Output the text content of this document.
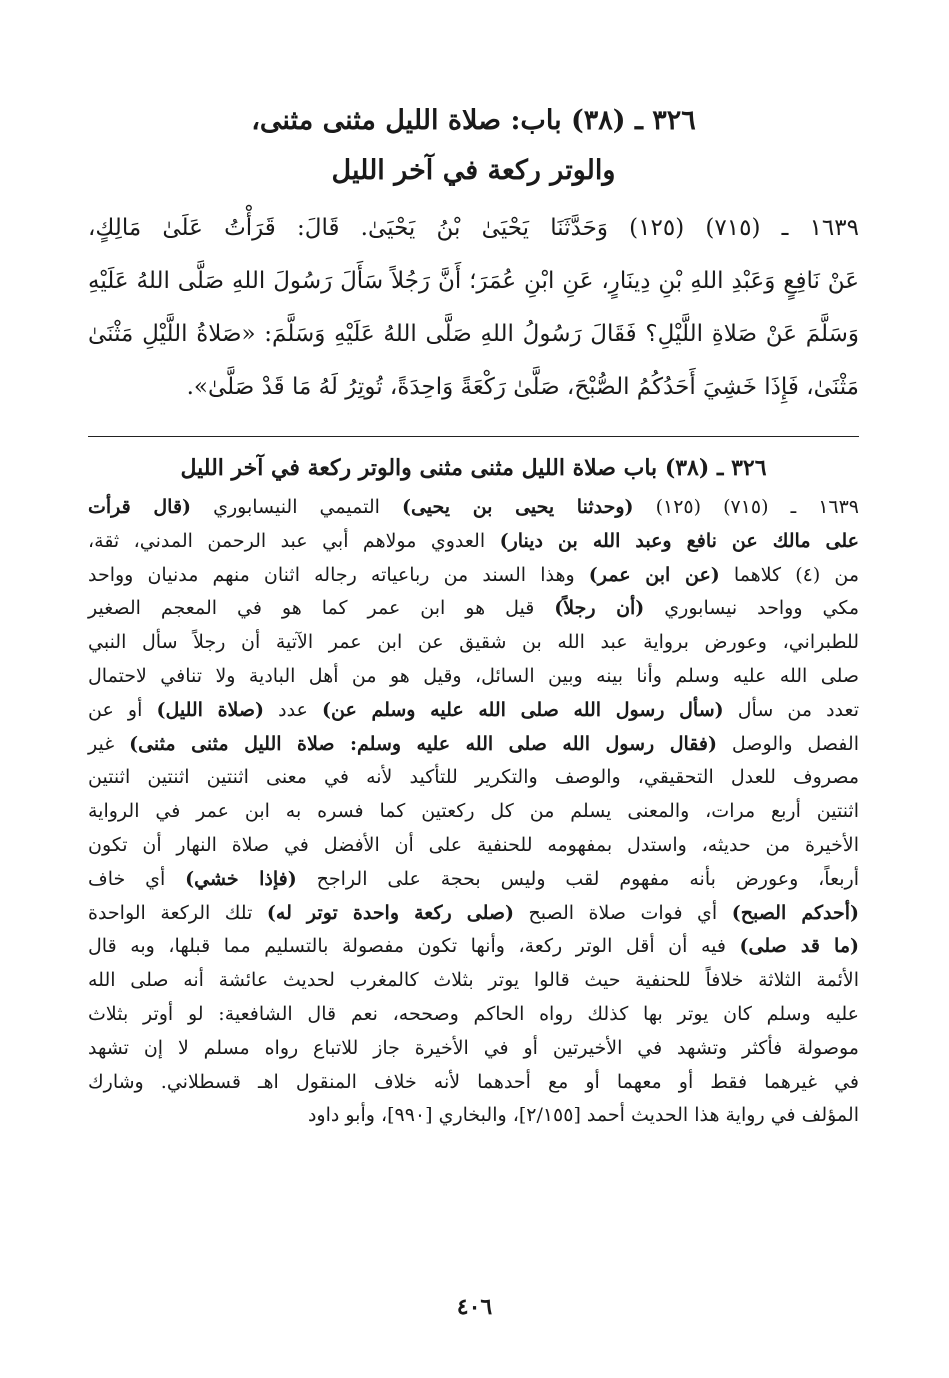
٣٢٦ ـ (٣٨) باب: صلاة الليل مثنى مثنى،
والوتر ركعة في آخر الليل
١٦٣٩ ـ (٧١٥) (١٢٥) وَحَدَّثَنَا يَحْيَىٰ بْنُ يَحْيَىٰ. قَالَ: قَرَأْتُ عَلَىٰ مَالِكٍ،
عَنْ نَافِعٍ وَعَبْدِ اللهِ بْنِ دِينَارٍ، عَنِ ابْنِ عُمَرَ؛ أَنَّ رَجُلاً سَأَلَ رَسُولَ اللهِ صَلَّى اللهُ عَلَيْهِ
وَسَلَّمَ عَنْ صَلاةِ اللَّيْلِ؟ فَقَالَ رَسُولُ اللهِ صَلَّى اللهُ عَلَيْهِ وَسَلَّمَ: «صَلاةُ اللَّيْلِ مَثْنَىٰ
مَثْنَىٰ، فَإِذَا خَشِيَ أَحَدُكُمُ الصُّبْحَ، صَلَّىٰ رَكْعَةً وَاحِدَةً، تُوتِرُ لَهُ مَا قَدْ صَلَّىٰ».
٣٢٦ ـ (٣٨) باب صلاة الليل مثنى مثنى والوتر ركعة في آخر الليل
١٦٣٩ ـ (٧١٥) (١٢٥) (وحدثنا يحيى بن يحيى) التميمي النيسابوري (قال قرأت
على مالك عن نافع وعبد الله بن دينار) العدوي مولاهم أبي عبد الرحمن المدني، ثقة،
من (٤) كلاهما (عن ابن عمر) وهذا السند من رباعياته رجاله اثنان منهم مدنيان وواحد
مكي وواحد نيسابوري (أن رجلاً) قيل هو ابن عمر كما هو في المعجم الصغير
للطبراني، وعورض برواية عبد الله بن شقيق عن ابن عمر الآتية أن رجلاً سأل النبي
صلى الله عليه وسلم وأنا بينه وبين السائل، وقيل هو من أهل البادية ولا تنافي لاحتمال
تعدد من سأل (سأل رسول الله صلى الله عليه وسلم عن) عدد (صلاة الليل) أو عن
الفصل والوصل (فقال رسول الله صلى الله عليه وسلم: صلاة الليل مثنى مثنى) غير
مصروف للعدل التحقيقي، والوصف والتكرير للتأكيد لأنه في معنى اثنتين اثنتين اثنتين
اثنتين أربع مرات، والمعنى يسلم من كل ركعتين كما فسره به ابن عمر في الرواية
الأخيرة من حديثه، واستدل بمفهومه للحنفية على أن الأفضل في صلاة النهار أن تكون
أربعاً، وعورض بأنه مفهوم لقب وليس بحجة على الراجح (فإذا خشي) أي خاف
(أحدكم الصبح) أي فوات صلاة الصبح (صلى ركعة واحدة توتر له) تلك الركعة الواحدة
(ما قد صلى) فيه أن أقل الوتر ركعة، وأنها تكون مفصولة بالتسليم مما قبلها، وبه قال
الأئمة الثلاثة خلافاً للحنفية حيث قالوا يوتر بثلاث كالمغرب لحديث عائشة أنه صلى الله
عليه وسلم كان يوتر بها كذلك رواه الحاكم وصححه، نعم قال الشافعية: لو أوتر بثلاث
موصولة فأكثر وتشهد في الأخيرتين أو في الأخيرة جاز للاتباع رواه مسلم لا إن تشهد
في غيرهما فقط أو معهما أو مع أحدهما لأنه خلاف المنقول اهـ قسطلاني. وشارك
المؤلف في رواية هذا الحديث أحمد [٢/١٥٥]، والبخاري [٩٩٠]، وأبو داود
٤٠٦
